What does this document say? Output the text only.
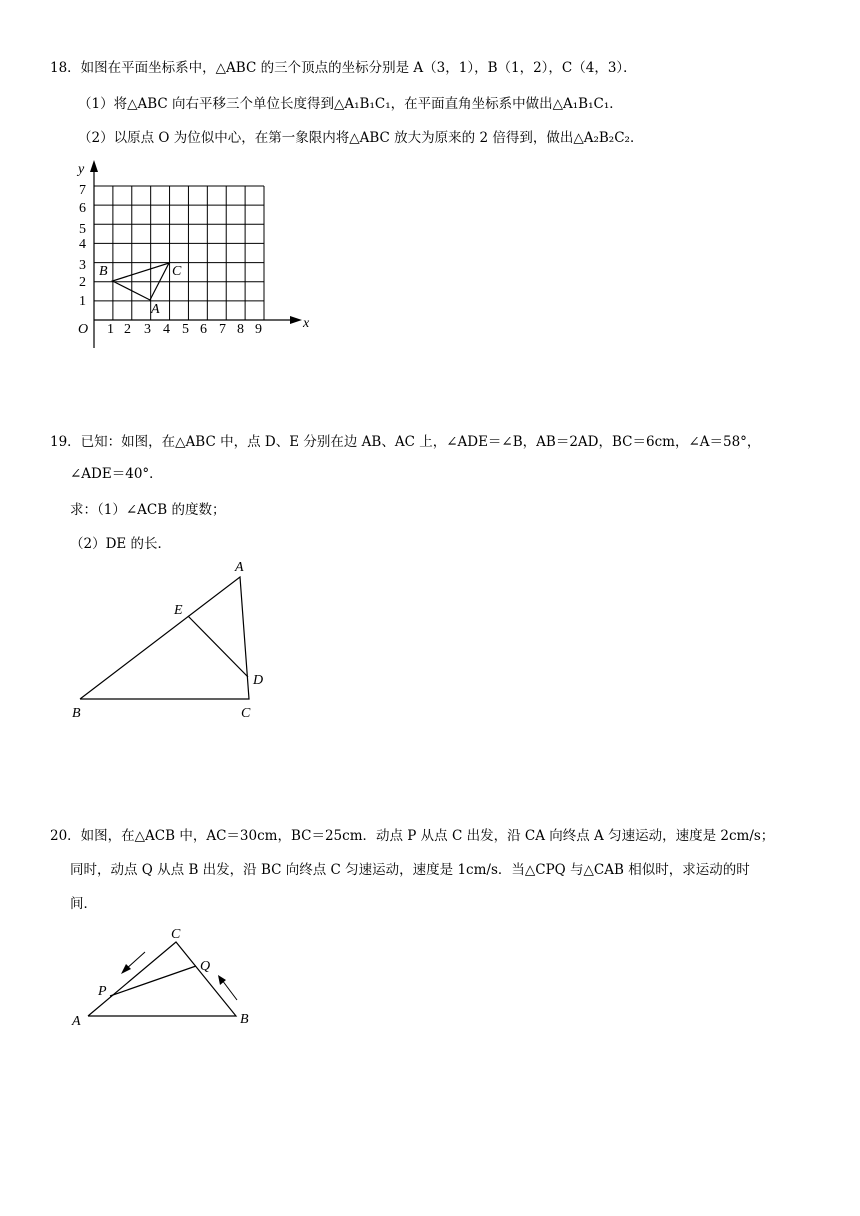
18．如图在平面坐标系中，△ABC 的三个顶点的坐标分别是 A（3，1），B（1，2），C（4，3）．
（1）将△ABC 向右平移三个单位长度得到△A₁B₁C₁，在平面直角坐标系中做出△A₁B₁C₁．
（2）以原点 O 为位似中心，在第一象限内将△ABC 放大为原来的 2 倍得到，做出△A₂B₂C₂．
y
x
O
1
2
3
4
5
6
7
1 2 3 4 5 6 7 8 9
A
B	C
19．已知：如图，在△ABC 中，点 D、E 分别在边 AB、AC 上，∠ADE＝∠B，AB＝2AD，BC＝6cm，∠A＝58°，
∠ADE＝40°．
求：（1）∠ACB 的度数；
（2）DE 的长．
A
B	C
D
E
20．如图，在△ACB 中，AC＝30cm，BC＝25cm．动点 P 从点 C 出发，沿 CA 向终点 A 匀速运动，速度是 2cm/s；
同时，动点 Q 从点 B 出发，沿 BC 向终点 C 匀速运动，速度是 1cm/s．当△CPQ 与△CAB 相似时，求运动的时
间．
A	B
C
P
Q
